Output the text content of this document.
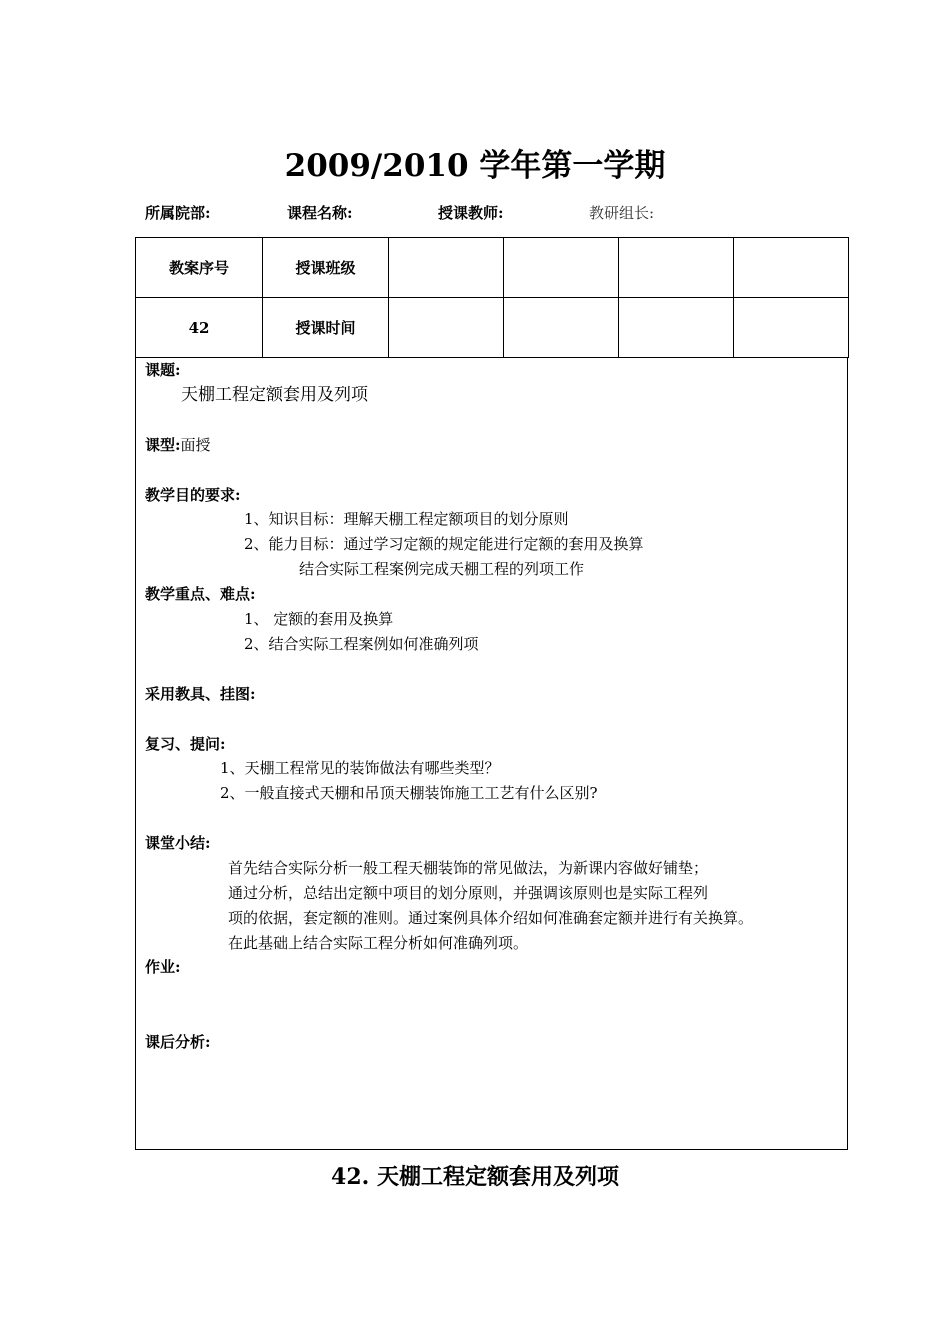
2009/2010 学年第一学期
所属院部:	课程名称:	授课教师:	教研组长:
教案序号	授课班级				
42	授课时间				
课题:
天棚工程定额套用及列项
课型:面授
教学目的要求:
1、知识目标：理解天棚工程定额项目的划分原则
2、能力目标：通过学习定额的规定能进行定额的套用及换算
结合实际工程案例完成天棚工程的列项工作
教学重点、难点:
1、 定额的套用及换算
2、结合实际工程案例如何准确列项
采用教具、挂图:
复习、提问:
1、天棚工程常见的装饰做法有哪些类型？
2、一般直接式天棚和吊顶天棚装饰施工工艺有什么区别?
课堂小结:
首先结合实际分析一般工程天棚装饰的常见做法，为新课内容做好铺垫；
通过分析，总结出定额中项目的划分原则，并强调该原则也是实际工程列
项的依据，套定额的准则。通过案例具体介绍如何准确套定额并进行有关换算。
在此基础上结合实际工程分析如何准确列项。
作业:
课后分析:
42. 天棚工程定额套用及列项
